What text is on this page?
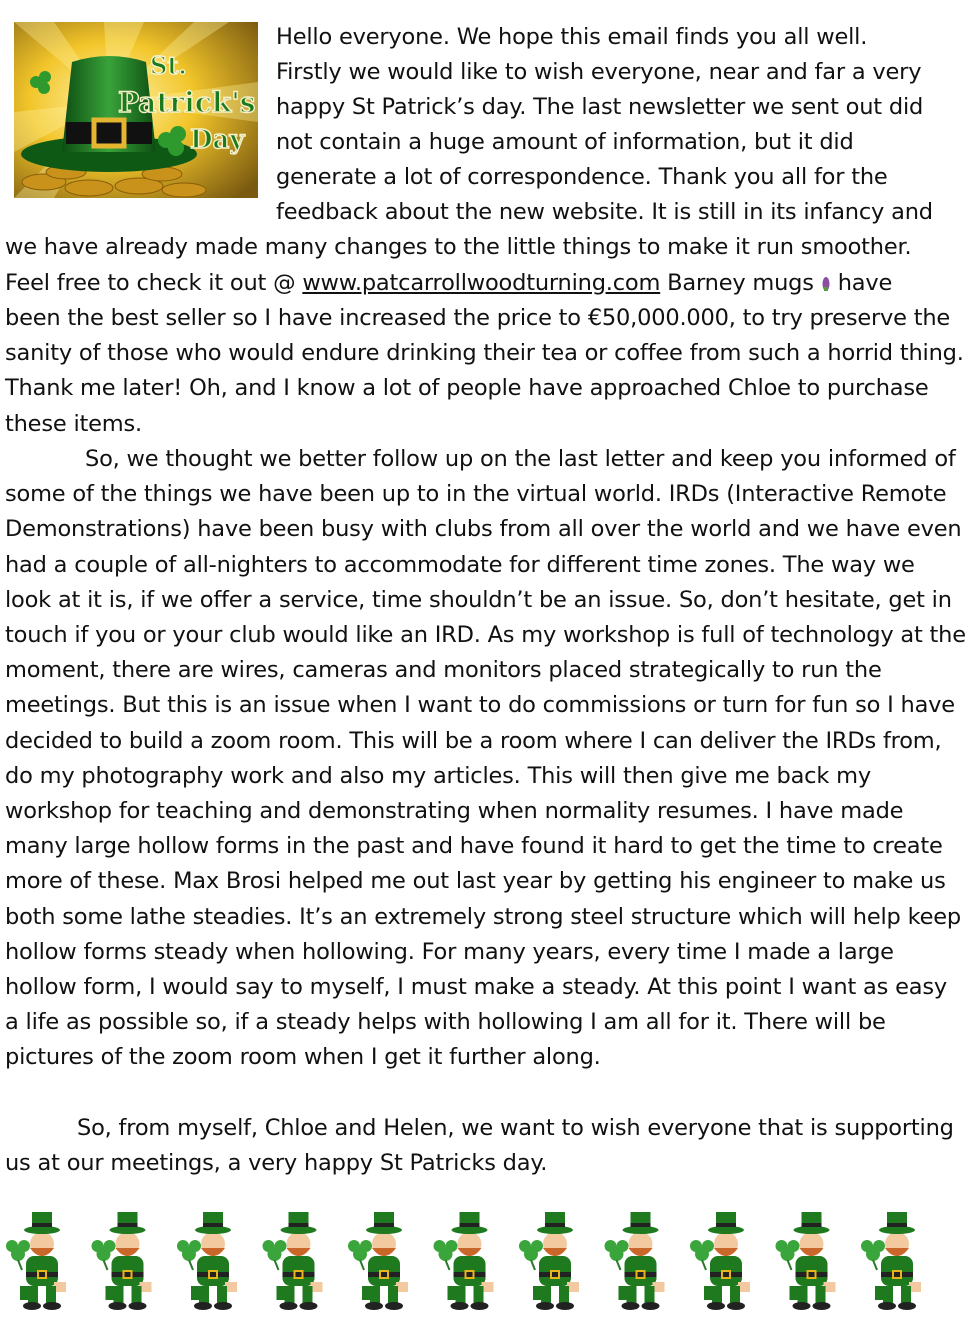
St.
Patrick's
Day

Hello everyone. We hope this email finds you all well.

Firstly we would like to wish everyone, near and far a very

happy St Patrick’s day. The last newsletter we sent out did

not contain a huge amount of information, but it did

generate a lot of correspondence. Thank you all for the

feedback about the new website. It is still in its infancy and

we have already made many changes to the little things to make it run smoother.

Feel free to check it out @ www.patcarrollwoodturning.com Barney mugs  have

been the best seller so I have increased the price to €50,000.000, to try preserve the sanity of those who would endure drinking their tea or coffee from such a horrid thing. Thank me later! Oh, and I know a lot of people have approached Chloe to purchase these items.

So, we thought we better follow up on the last letter and keep you informed of some of the things we have been up to in the virtual world. IRDs (Interactive Remote Demonstrations) have been busy with clubs from all over the world and we have even had a couple of all-nighters to accommodate for different time zones. The way we look at it is, if we offer a service, time shouldn’t be an issue. So, don’t hesitate, get in touch if you or your club would like an IRD. As my workshop is full of technology at the moment, there are wires, cameras and monitors placed strategically to run the meetings. But this is an issue when I want to do commissions or turn for fun so I have decided to build a zoom room. This will be a room where I can deliver the IRDs from, do my photography work and also my articles. This will then give me back my workshop for teaching and demonstrating when normality resumes. I have made many large hollow forms in the past and have found it hard to get the time to create more of these. Max Brosi helped me out last year by getting his engineer to make us both some lathe steadies. It’s an extremely strong steel structure which will help keep hollow forms steady when hollowing. For many years, every time I made a large hollow form, I would say to myself, I must make a steady. At this point I want as easy a life as possible so, if a steady helps with hollowing I am all for it. There will be pictures of the zoom room when I get it further along.

So, from myself, Chloe and Helen, we want to wish everyone that is supporting us at our meetings, a very happy St Patricks day.
